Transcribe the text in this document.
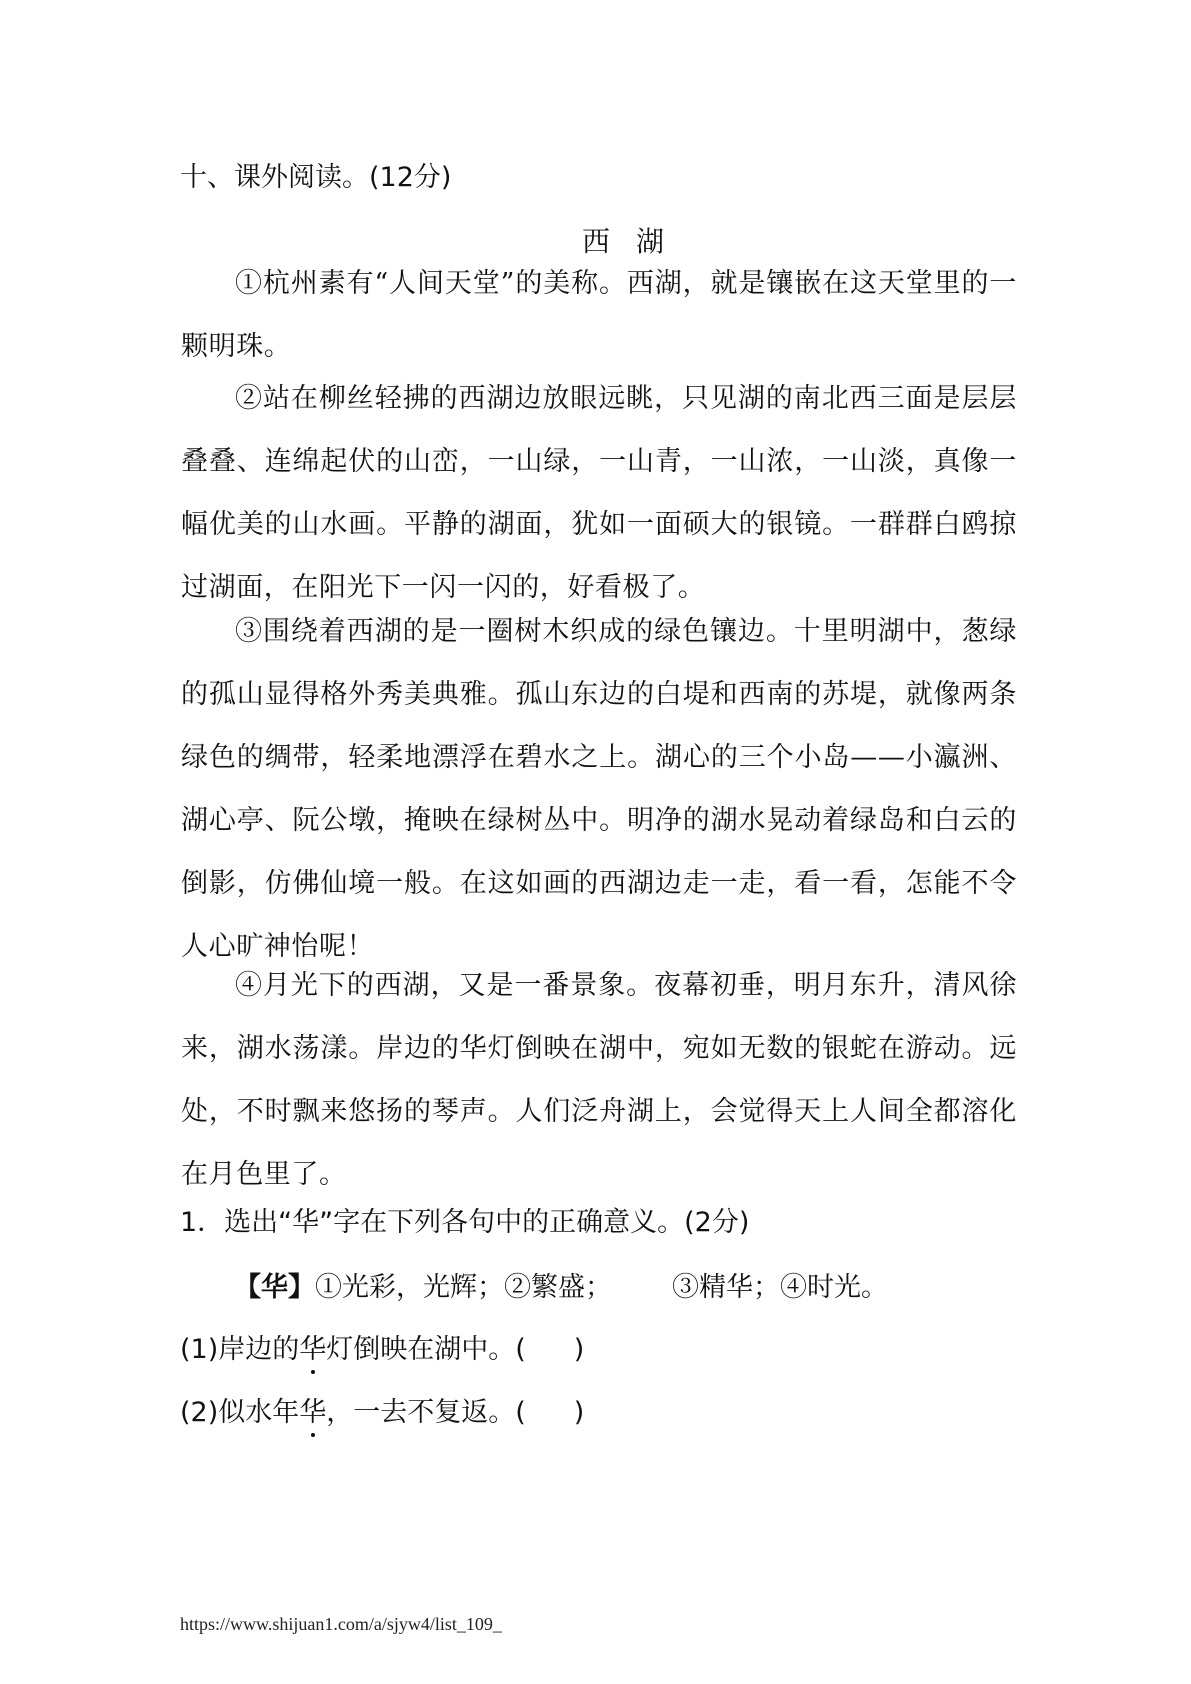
十、课外阅读。(12分)
西湖

①杭州素有“人间天堂”的美称。西湖，就是镶嵌在这天堂里的一颗明珠。

②站在柳丝轻拂的西湖边放眼远眺，只见湖的南北西三面是层层叠叠、连绵起伏的山峦，一山绿，一山青，一山浓，一山淡，真像一幅优美的山水画。平静的湖面，犹如一面硕大的银镜。一群群白鸥掠过湖面，在阳光下一闪一闪的，好看极了。

③围绕着西湖的是一圈树木织成的绿色镶边。十里明湖中，葱绿的孤山显得格外秀美典雅。孤山东边的白堤和西南的苏堤，就像两条绿色的绸带，轻柔地漂浮在碧水之上。湖心的三个小岛——小瀛洲、湖心亭、阮公墩，掩映在绿树丛中。明净的湖水晃动着绿岛和白云的倒影，仿佛仙境一般。在这如画的西湖边走一走，看一看，怎能不令人心旷神怡呢！

④月光下的西湖，又是一番景象。夜幕初垂，明月东升，清风徐来，湖水荡漾。岸边的华灯倒映在湖中，宛如无数的银蛇在游动。远处，不时飘来悠扬的琴声。人们泛舟湖上，会觉得天上人间全都溶化在月色里了。

1．选出“华”字在下列各句中的正确意义。(2分)
【华】①光彩，光辉；②繁盛； ③精华；④时光。
(1)岸边的华灯倒映在湖中。( )
(2)似水年华，一去不复返。( )
https://www.shijuan1.com/a/sjyw4/list_109_
